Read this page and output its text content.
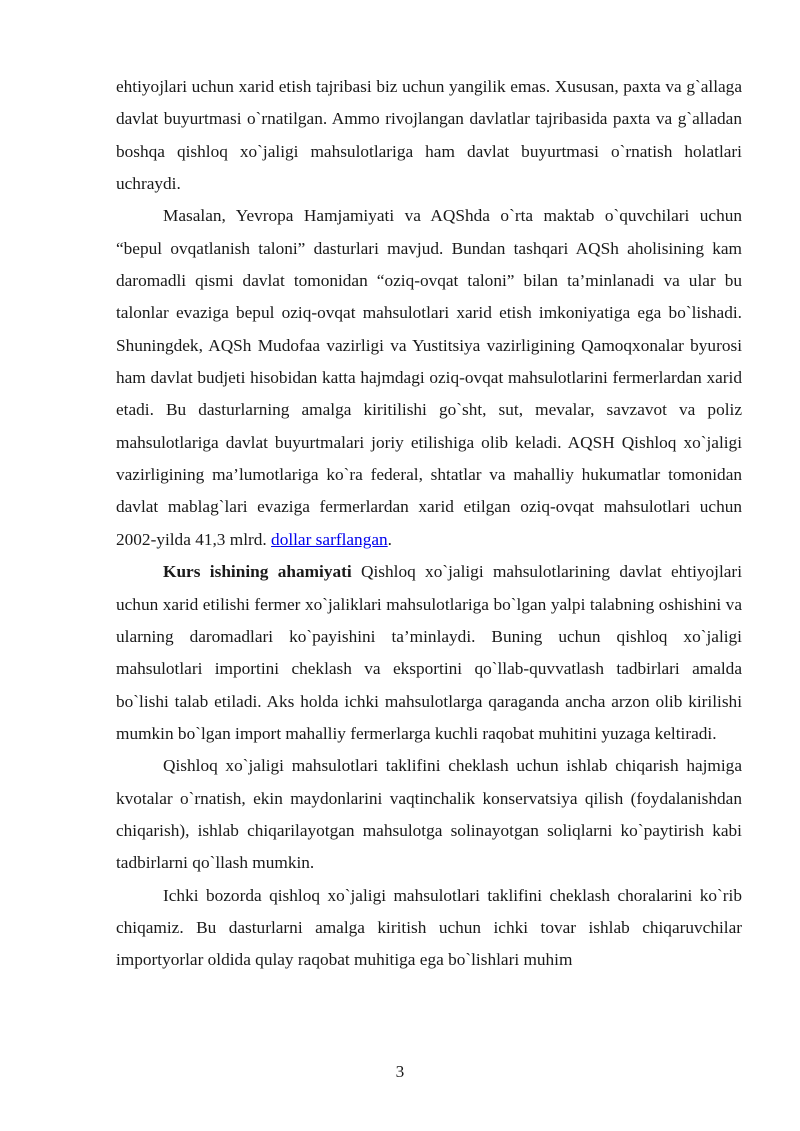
ehtiyojlari uchun xarid etish tajribasi biz uchun yangilik emas. Xususan, paxta va g`allaga davlat buyurtmasi o`rnatilgan. Ammo rivojlangan davlatlar tajribasida paxta va g`alladan boshqa qishloq xo`jaligi mahsulotlariga ham davlat buyurtmasi o`rnatish holatlari uchraydi.

Masalan, Yevropa Hamjamiyati va AQShda o`rta maktab o`quvchilari uchun “bepul ovqatlanish taloni” dasturlari mavjud. Bundan tashqari AQSh aholisining kam daromadli qismi davlat tomonidan “oziq-ovqat taloni” bilan ta’minlanadi va ular bu talonlar evaziga bepul oziq-ovqat mahsulotlari xarid etish imkoniyatiga ega bo`lishadi. Shuningdek, AQSh Mudofaa vazirligi va Yustitsiya vazirligining Qamoqxonalar byurosi ham davlat budjeti hisobidan katta hajmdagi oziq-ovqat mahsulotlarini fermerlardan xarid etadi. Bu dasturlarning amalga kiritilishi go`sht, sut, mevalar, savzavot va poliz mahsulotlariga davlat buyurtmalari joriy etilishiga olib keladi. AQSH Qishloq xo`jaligi vazirligining ma’lumotlariga ko`ra federal, shtatlar va mahalliy hukumatlar tomonidan davlat mablag`lari evaziga fermerlardan xarid etilgan oziq-ovqat mahsulotlari uchun 2002-yilda 41,3 mlrd. dollar sarflangan.

Kurs ishining ahamiyati Qishloq xo`jaligi mahsulotlarining davlat ehtiyojlari uchun xarid etilishi fermer xo`jaliklari mahsulotlariga bo`lgan yalpi talabning oshishini va ularning daromadlari ko`payishini ta’minlaydi. Buning uchun qishloq xo`jaligi mahsulotlari importini cheklash va eksportini qo`llab-quvvatlash tadbirlari amalda bo`lishi talab etiladi. Aks holda ichki mahsulotlarga qaraganda ancha arzon olib kirilishi mumkin bo`lgan import mahalliy fermerlarga kuchli raqobat muhitini yuzaga keltiradi.

Qishloq xo`jaligi mahsulotlari taklifini cheklash uchun ishlab chiqarish hajmiga kvotalar o`rnatish, ekin maydonlarini vaqtinchalik konservatsiya qilish (foydalanishdan chiqarish), ishlab chiqarilayotgan mahsulotga solinayotgan soliqlarni ko`paytirish kabi tadbirlarni qo`llash mumkin.

Ichki bozorda qishloq xo`jaligi mahsulotlari taklifini cheklash choralarini ko`rib chiqamiz. Bu dasturlarni amalga kiritish uchun ichki tovar ishlab chiqaruvchilar importyorlar oldida qulay raqobat muhitiga ega bo`lishlari muhim

3
